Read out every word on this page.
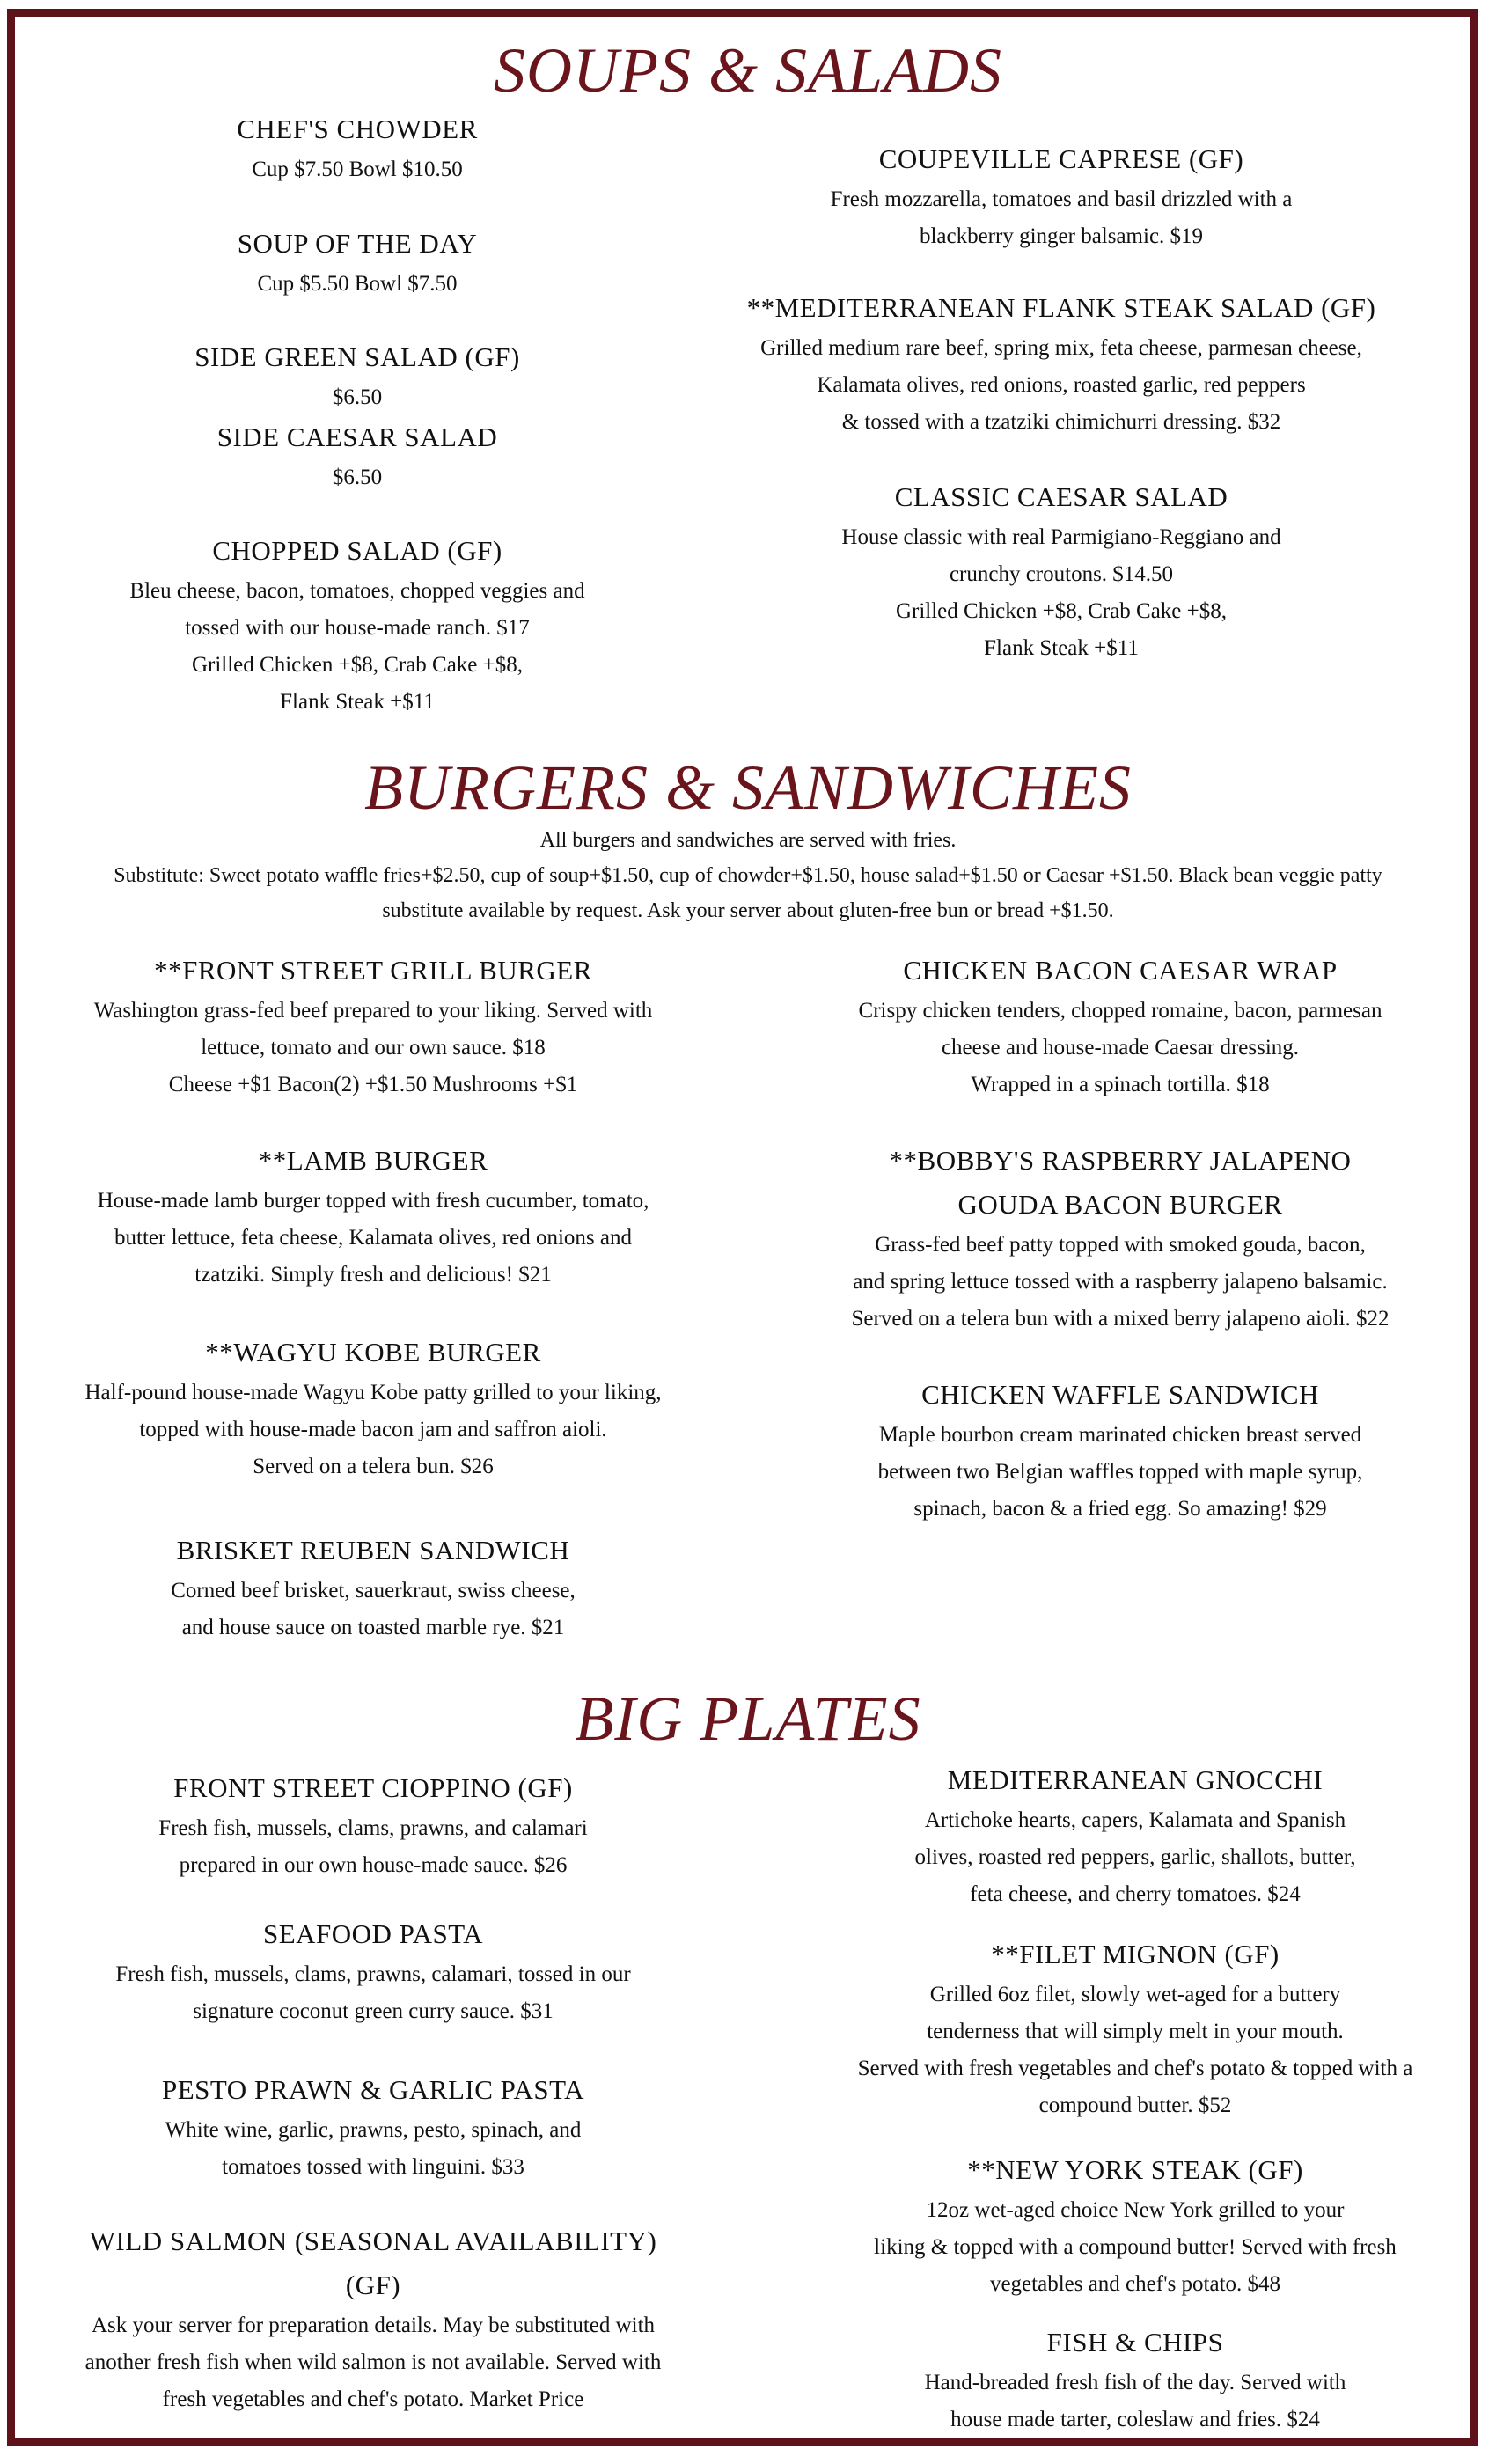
SOUPS & SALADS
CHEF'S CHOWDER
Cup $7.50 Bowl $10.50
SOUP OF THE DAY
Cup $5.50 Bowl $7.50
SIDE GREEN SALAD (GF)
$6.50
SIDE CAESAR SALAD
$6.50
CHOPPED SALAD (GF)
Bleu cheese, bacon, tomatoes, chopped veggies and
tossed with our house-made ranch. $17
Grilled Chicken +$8, Crab Cake +$8,
Flank Steak +$11
COUPEVILLE CAPRESE (GF)
Fresh mozzarella, tomatoes and basil drizzled with a
blackberry ginger balsamic. $19
**MEDITERRANEAN FLANK STEAK SALAD (GF)
Grilled medium rare beef, spring mix, feta cheese, parmesan cheese,
Kalamata olives, red onions, roasted garlic, red peppers
& tossed with a tzatziki chimichurri dressing. $32
CLASSIC CAESAR SALAD
House classic with real Parmigiano-Reggiano and
crunchy croutons. $14.50
Grilled Chicken +$8, Crab Cake +$8,
Flank Steak +$11
BURGERS & SANDWICHES
All burgers and sandwiches are served with fries.
Substitute: Sweet potato waffle fries+$2.50, cup of soup+$1.50, cup of chowder+$1.50, house salad+$1.50 or Caesar +$1.50. Black bean veggie patty
substitute available by request. Ask your server about gluten-free bun or bread +$1.50.
**FRONT STREET GRILL BURGER
Washington grass-fed beef prepared to your liking. Served with
lettuce, tomato and our own sauce. $18
Cheese +$1 Bacon(2) +$1.50 Mushrooms +$1
**LAMB BURGER
House-made lamb burger topped with fresh cucumber, tomato,
butter lettuce, feta cheese, Kalamata olives, red onions and
tzatziki. Simply fresh and delicious! $21
**WAGYU KOBE BURGER
Half-pound house-made Wagyu Kobe patty grilled to your liking,
topped with house-made bacon jam and saffron aioli.
Served on a telera bun. $26
BRISKET REUBEN SANDWICH
Corned beef brisket, sauerkraut, swiss cheese,
and house sauce on toasted marble rye. $21
CHICKEN BACON CAESAR WRAP
Crispy chicken tenders, chopped romaine, bacon, parmesan
cheese and house-made Caesar dressing.
Wrapped in a spinach tortilla. $18
**BOBBY'S RASPBERRY JALAPENO
GOUDA BACON BURGER
Grass-fed beef patty topped with smoked gouda, bacon,
and spring lettuce tossed with a raspberry jalapeno balsamic.
Served on a telera bun with a mixed berry jalapeno aioli. $22
CHICKEN WAFFLE SANDWICH
Maple bourbon cream marinated chicken breast served
between two Belgian waffles topped with maple syrup,
spinach, bacon & a fried egg. So amazing! $29
BIG PLATES
FRONT STREET CIOPPINO (GF)
Fresh fish, mussels, clams, prawns, and calamari
prepared in our own house-made sauce. $26
SEAFOOD PASTA
Fresh fish, mussels, clams, prawns, calamari, tossed in our
signature coconut green curry sauce. $31
PESTO PRAWN & GARLIC PASTA
White wine, garlic, prawns, pesto, spinach, and
tomatoes tossed with linguini. $33
WILD SALMON (SEASONAL AVAILABILITY)
(GF)
Ask your server for preparation details. May be substituted with
another fresh fish when wild salmon is not available. Served with
fresh vegetables and chef's potato. Market Price
MEDITERRANEAN GNOCCHI
Artichoke hearts, capers, Kalamata and Spanish
olives, roasted red peppers, garlic, shallots, butter,
feta cheese, and cherry tomatoes. $24
**FILET MIGNON (GF)
Grilled 6oz filet, slowly wet-aged for a buttery
tenderness that will simply melt in your mouth.
Served with fresh vegetables and chef's potato & topped with a
compound butter. $52
**NEW YORK STEAK (GF)
12oz wet-aged choice New York grilled to your
liking & topped with a compound butter! Served with fresh
vegetables and chef's potato. $48
FISH & CHIPS
Hand-breaded fresh fish of the day. Served with
house made tarter, coleslaw and fries. $24
